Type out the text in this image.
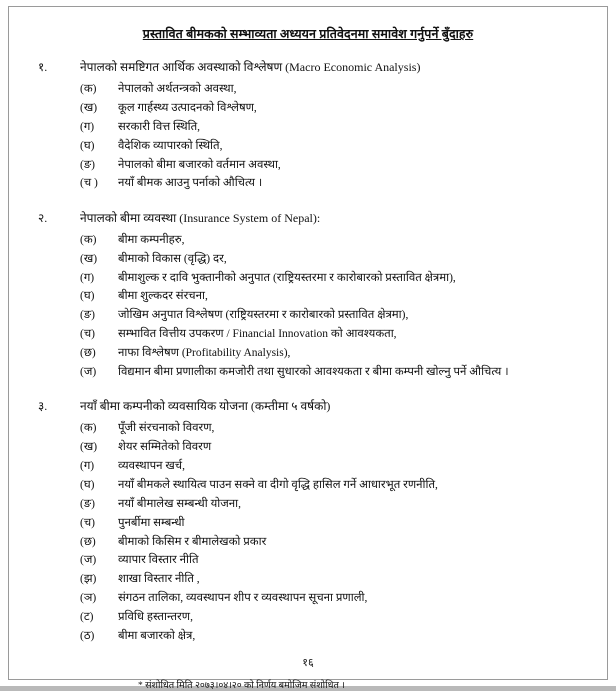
प्रस्तावित बीमकको सम्भाव्यता अध्ययन प्रतिवेदनमा समावेश गर्नुपर्ने बुँदाहरु
१.	नेपालको समष्टिगत आर्थिक अवस्थाको विश्लेषण (Macro Economic Analysis)
(क)	नेपालको अर्थतन्त्रको अवस्था,
(ख)	कूल गार्हस्थ्य उत्पादनको विश्लेषण,
(ग)	सरकारी वित्त स्थिति,
(घ)	वैदेशिक व्यापारको स्थिति,
(ङ)	नेपालको बीमा बजारको वर्तमान अवस्था,
(च )	नयाँ बीमक आउनु पर्नाको औचित्य ।
२.	नेपालको बीमा व्यवस्था (Insurance System of Nepal):
(क)	बीमा कम्पनीहरु,
(ख)	बीमाको विकास (वृद्धि) दर,
(ग)	बीमाशुल्क र दावि भुक्तानीको अनुपात (राष्ट्रियस्तरमा र कारोबारको प्रस्तावित क्षेत्रमा),
(घ)	बीमा शुल्कदर संरचना,
(ङ)	जोखिम अनुपात विश्लेषण (राष्ट्रियस्तरमा र कारोबारको प्रस्तावित क्षेत्रमा),
(च)	सम्भावित वित्तीय उपकरण / Financial Innovation को आवश्यकता,
(छ)	नाफा विश्लेषण (Profitability Analysis),
(ज)	विद्यमान बीमा प्रणालीका कमजोरी तथा सुधारको आवश्यकता र बीमा कम्पनी खोल्नु पर्ने औचित्य ।
३.	नयाँ बीमा कम्पनीको व्यवसायिक योजना (कम्तीमा ५ वर्षको)
(क)	पूँजी संरचनाको विवरण,
(ख)	शेयर सम्मितेको विवरण
(ग)	व्यवस्थापन खर्च,
(घ)	नयाँ बीमकले स्थायित्व पाउन सक्ने वा दीगो वृद्धि हासिल गर्ने आधारभूत रणनीति,
(ङ)	नयाँ बीमालेख सम्बन्धी योजना,
(च)	पुनर्बीमा सम्बन्धी
(छ)	बीमाको किसिम र बीमालेखको प्रकार
(ज)	व्यापार विस्तार नीति
(झ)	शाखा विस्तार नीति ,
(ञ)	संगठन तालिका, व्यवस्थापन शीप र व्यवस्थापन सूचना प्रणाली,
(ट)	प्रविधि हस्तान्तरण,
(ठ)	बीमा बजारको क्षेत्र,
१६
* संशोधित मिति २०७३।०४।२० को निर्णय बमोजिम संशोधित ।
